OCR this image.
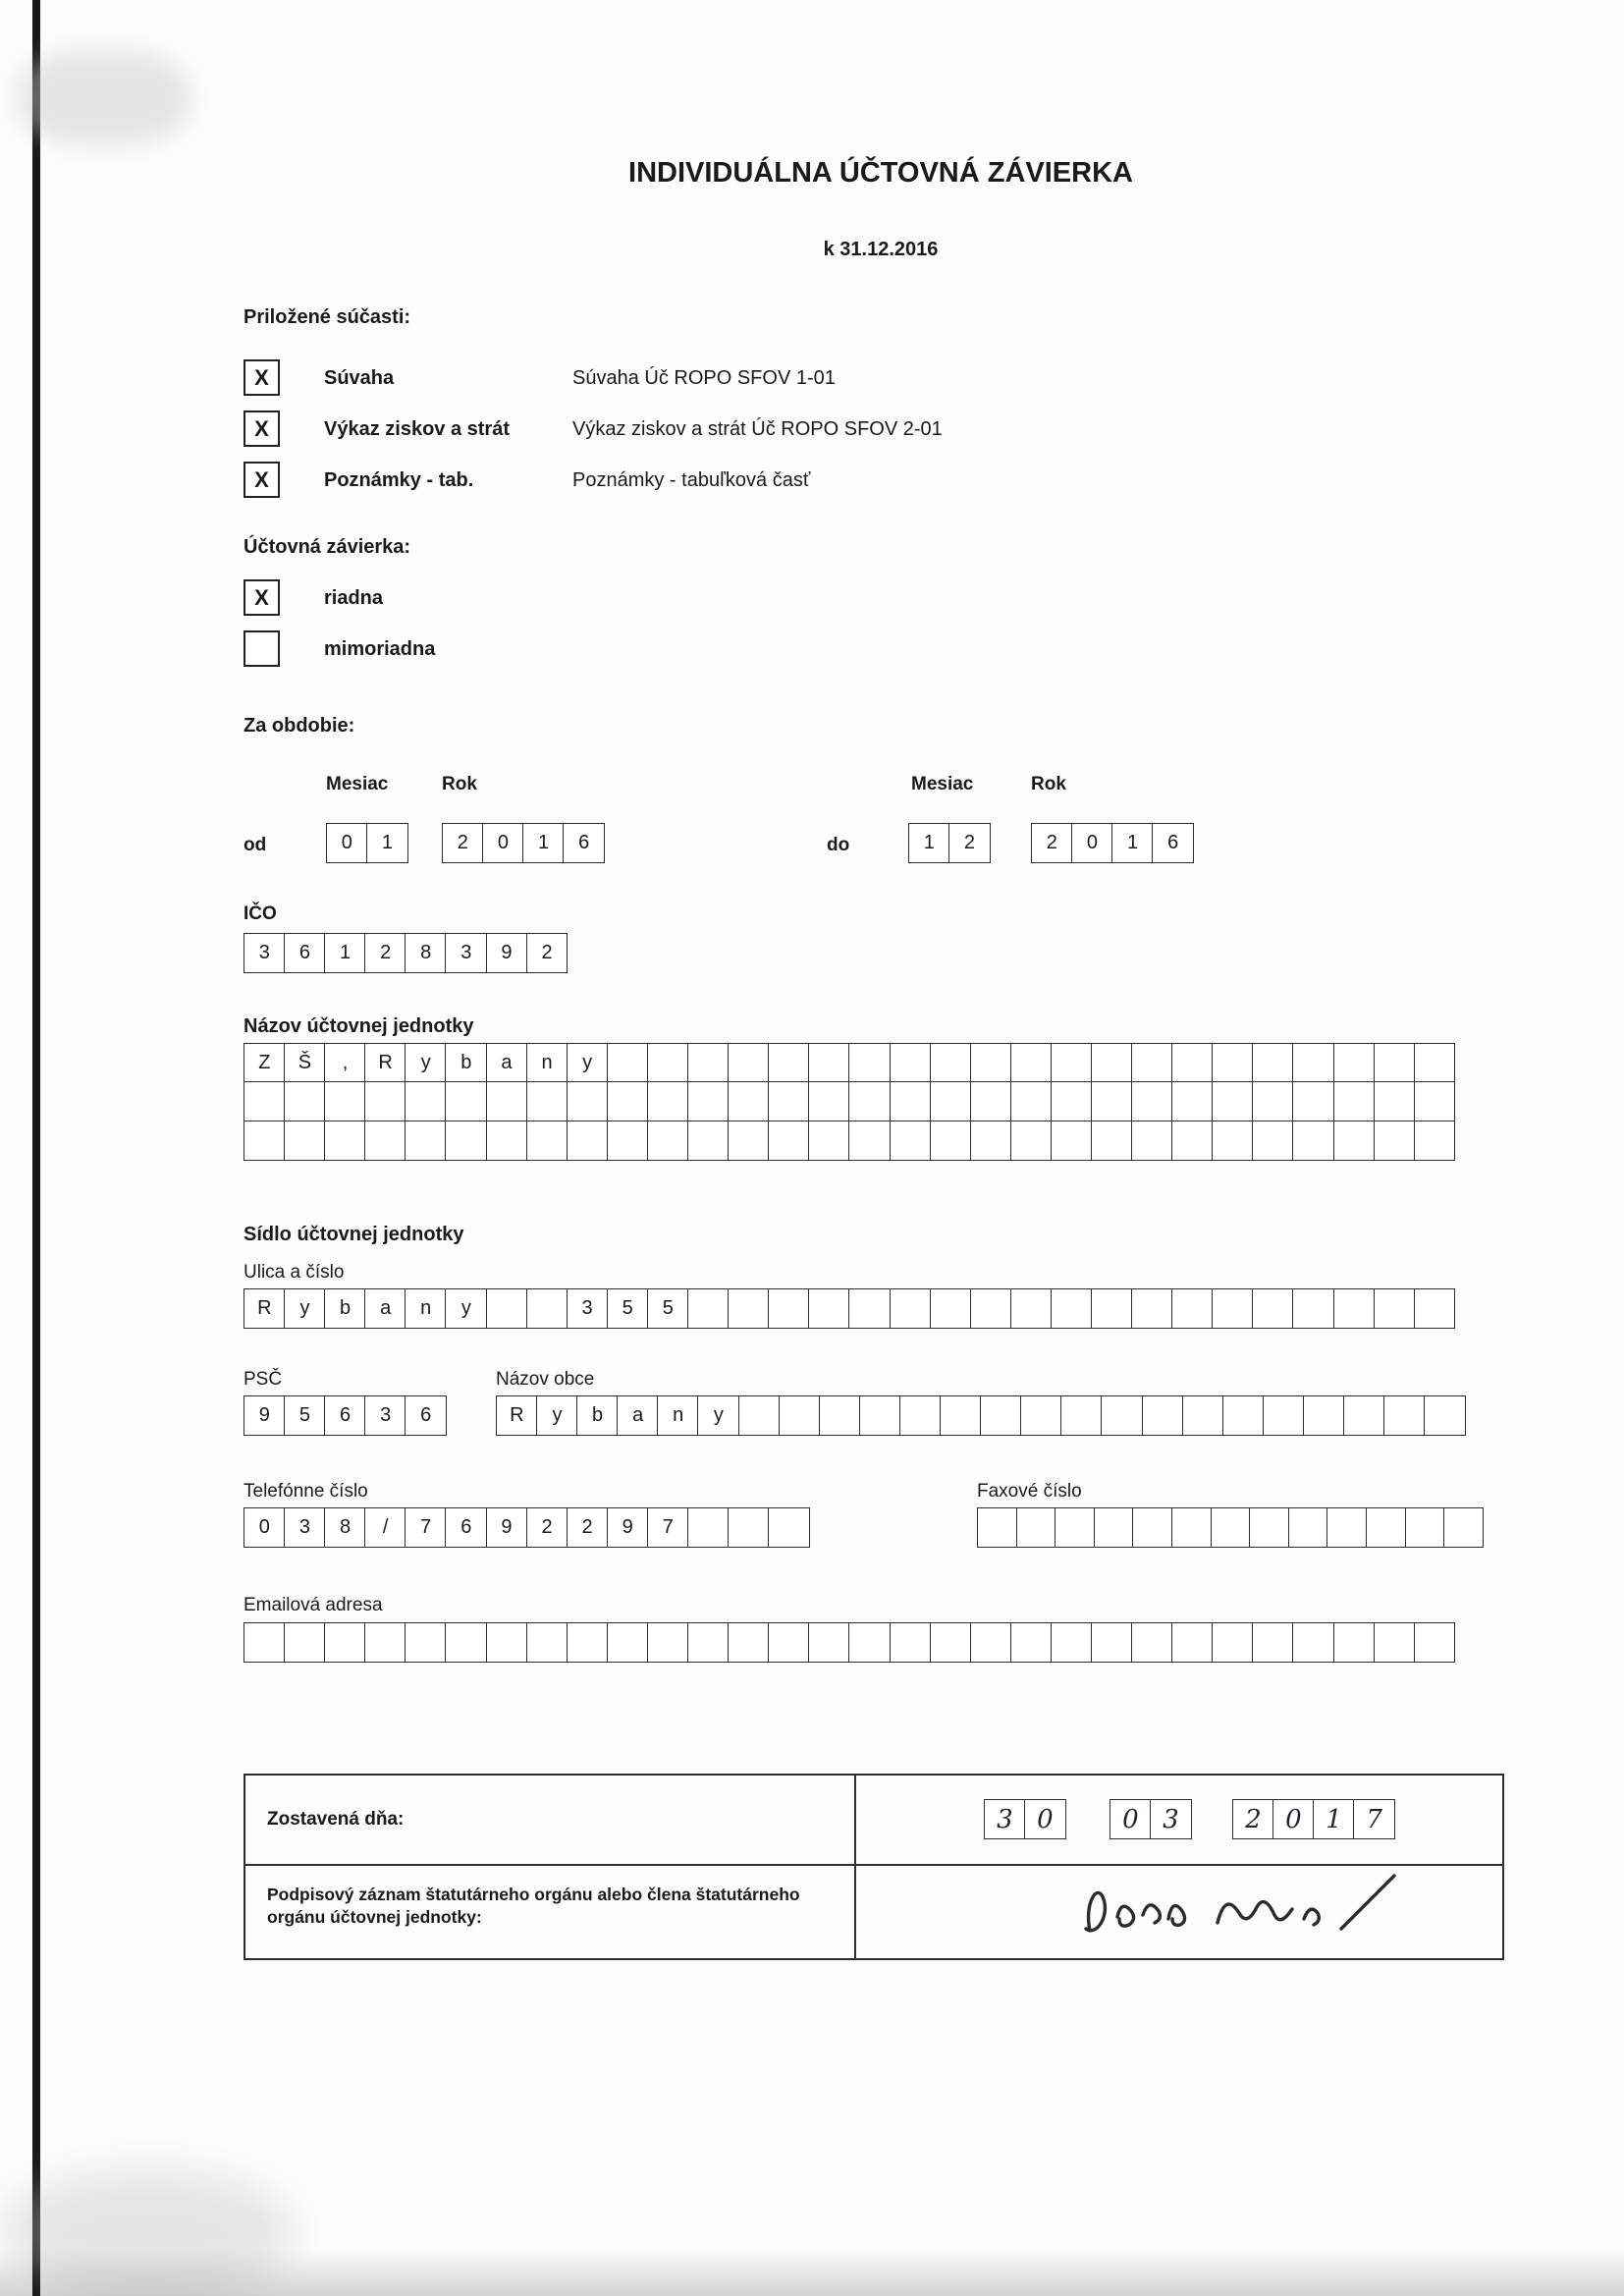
INDIVIDUÁLNA ÚČTOVNÁ ZÁVIERKA
k 31.12.2016
Priložené súčasti:
X	Súvaha	Súvaha Úč ROPO SFOV 1-01
X	Výkaz ziskov a strát	Výkaz ziskov a strát Úč ROPO SFOV 2-01
X	Poznámky - tab.	Poznámky - tabuľková časť
Účtovná závierka:
X	riadna
mimoriadna
Za obdobie:
Mesiac	Rok	Mesiac	Rok
od	0	1	2	0	1	6	do	1	2	2	0	1	6
IČO
3	6	1	2	8	3	9	2
Názov účtovnej jednotky
Z	Š	,	R	y	b	a	n	y
Sídlo účtovnej jednotky
Ulica a číslo
R	y	b	a	n	y	3	5	5
PSČ	Názov obce
9	5	6	3	6	R	y	b	a	n	y
Telefónne číslo	Faxové číslo
0	3	8	/	7	6	9	2	2	9	7
Emailová adresa
Zostavená dňa:	3 0	0 3	2 0 1 7
Podpisový záznam štatutárneho orgánu alebo člena štatutárneho orgánu účtovnej jednotky:
